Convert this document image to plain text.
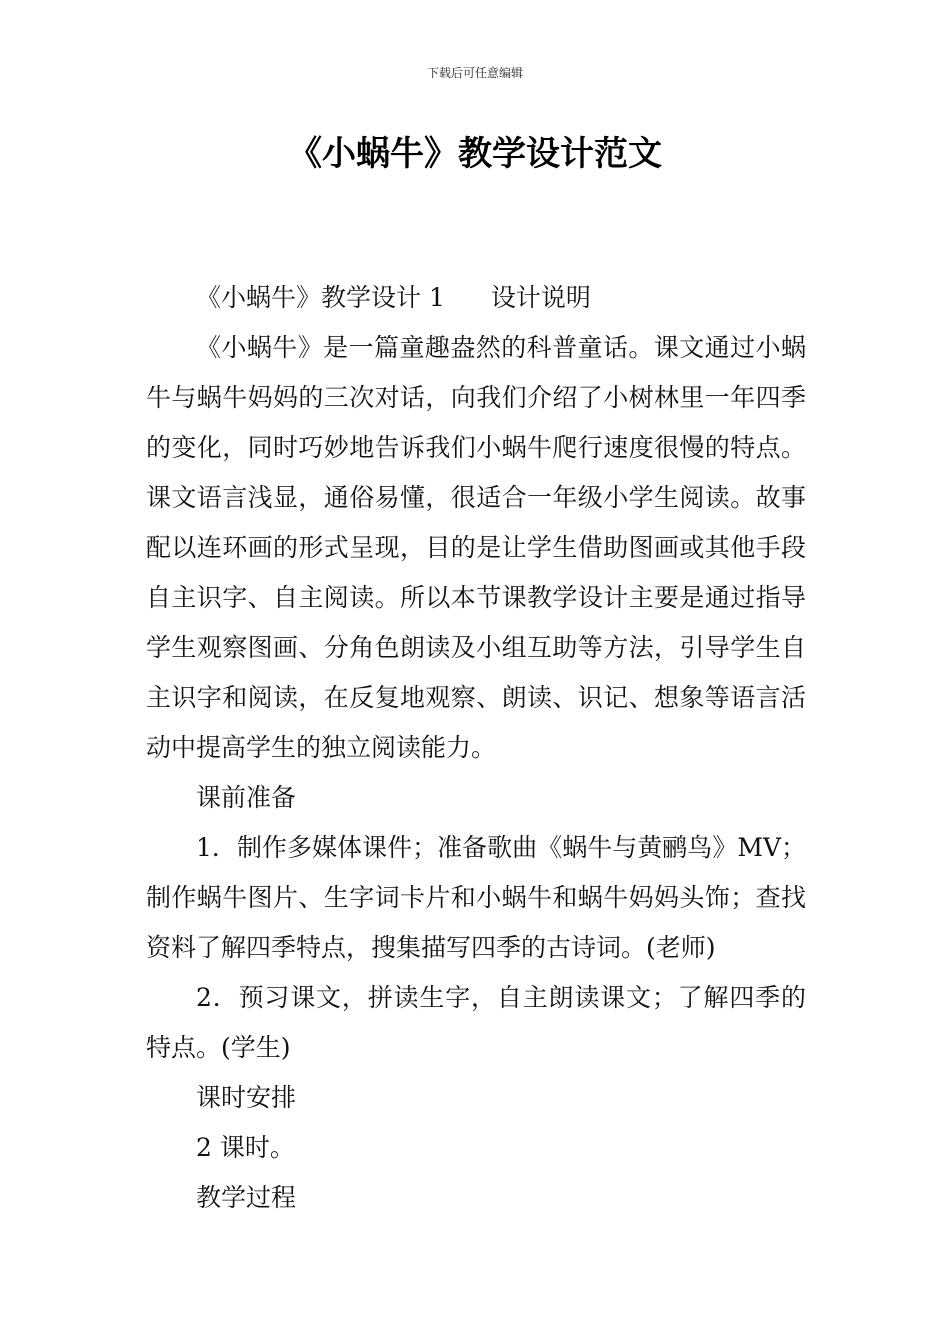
下载后可任意编辑
《小蜗牛》教学设计范文

《小蜗牛》教学设计 1 设计说明

《小蜗牛》是一篇童趣盎然的科普童话。课文通过小蜗牛与蜗牛妈妈的三次对话，向我们介绍了小树林里一年四季的变化，同时巧妙地告诉我们小蜗牛爬行速度很慢的特点。课文语言浅显，通俗易懂，很适合一年级小学生阅读。故事配以连环画的形式呈现，目的是让学生借助图画或其他手段自主识字、自主阅读。所以本节课教学设计主要是通过指导学生观察图画、分角色朗读及小组互助等方法，引导学生自主识字和阅读，在反复地观察、朗读、识记、想象等语言活动中提高学生的独立阅读能力。

课前准备

1．制作多媒体课件；准备歌曲《蜗牛与黄鹂鸟》MV；制作蜗牛图片、生字词卡片和小蜗牛和蜗牛妈妈头饰；查找资料了解四季特点，搜集描写四季的古诗词。(老师)

2．预习课文，拼读生字，自主朗读课文；了解四季的特点。(学生)

课时安排

2 课时。

教学过程
